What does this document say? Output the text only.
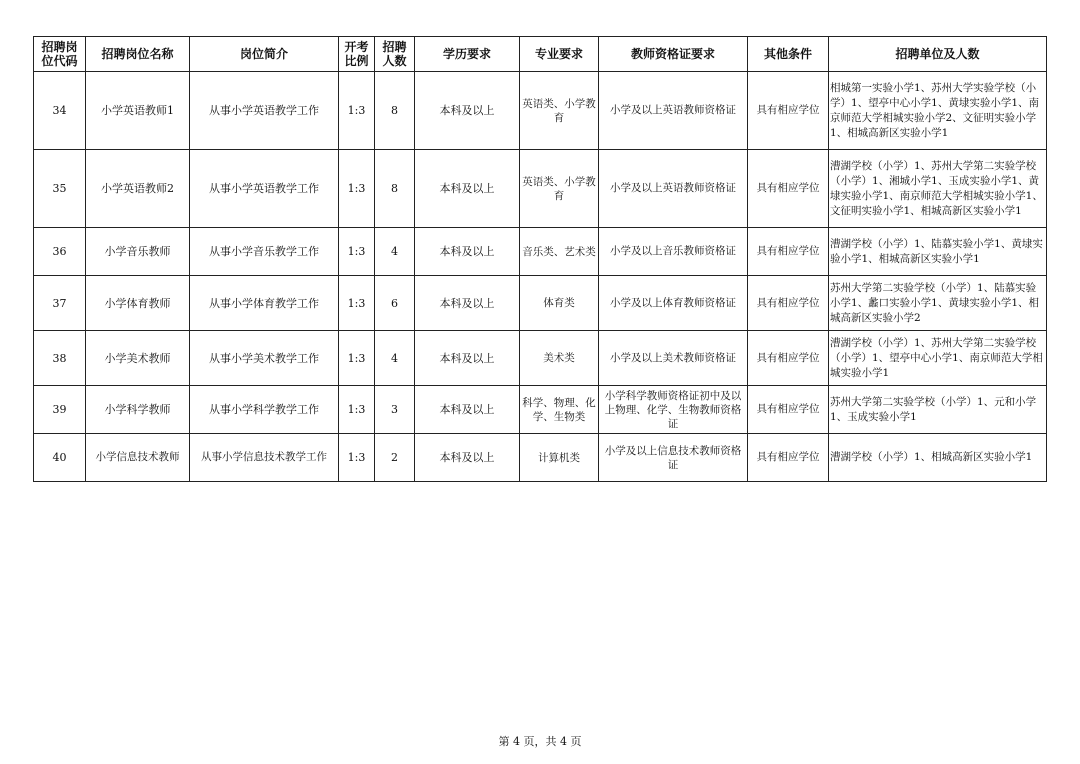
招聘岗位代码	招聘岗位名称	岗位简介	开考比例	招聘人数	学历要求	专业要求	教师资格证要求	其他条件	招聘单位及人数
34	小学英语教师1	从事小学英语教学工作	1:3	8	本科及以上	英语类、小学教育	小学及以上英语教师资格证	具有相应学位	相城第一实验小学1、苏州大学实验学校（小学）1、望亭中心小学1、黄埭实验小学1、南京师范大学相城实验小学2、文征明实验小学1、相城高新区实验小学1
35	小学英语教师2	从事小学英语教学工作	1:3	8	本科及以上	英语类、小学教育	小学及以上英语教师资格证	具有相应学位	漕湖学校（小学）1、苏州大学第二实验学校（小学）1、湘城小学1、玉成实验小学1、黄埭实验小学1、南京师范大学相城实验小学1、文征明实验小学1、相城高新区实验小学1
36	小学音乐教师	从事小学音乐教学工作	1:3	4	本科及以上	音乐类、艺术类	小学及以上音乐教师资格证	具有相应学位	漕湖学校（小学）1、陆慕实验小学1、黄埭实验小学1、相城高新区实验小学1
37	小学体育教师	从事小学体育教学工作	1:3	6	本科及以上	体育类	小学及以上体育教师资格证	具有相应学位	苏州大学第二实验学校（小学）1、陆慕实验小学1、蠡口实验小学1、黄埭实验小学1、相城高新区实验小学2
38	小学美术教师	从事小学美术教学工作	1:3	4	本科及以上	美术类	小学及以上美术教师资格证	具有相应学位	漕湖学校（小学）1、苏州大学第二实验学校（小学）1、望亭中心小学1、南京师范大学相城实验小学1
39	小学科学教师	从事小学科学教学工作	1:3	3	本科及以上	科学、物理、化学、生物类	小学科学教师资格证初中及以上物理、化学、生物教师资格证	具有相应学位	苏州大学第二实验学校（小学）1、元和小学1、玉成实验小学1
40	小学信息技术教师	从事小学信息技术教学工作	1:3	2	本科及以上	计算机类	小学及以上信息技术教师资格证	具有相应学位	漕湖学校（小学）1、相城高新区实验小学1
第 4 页，共 4 页
